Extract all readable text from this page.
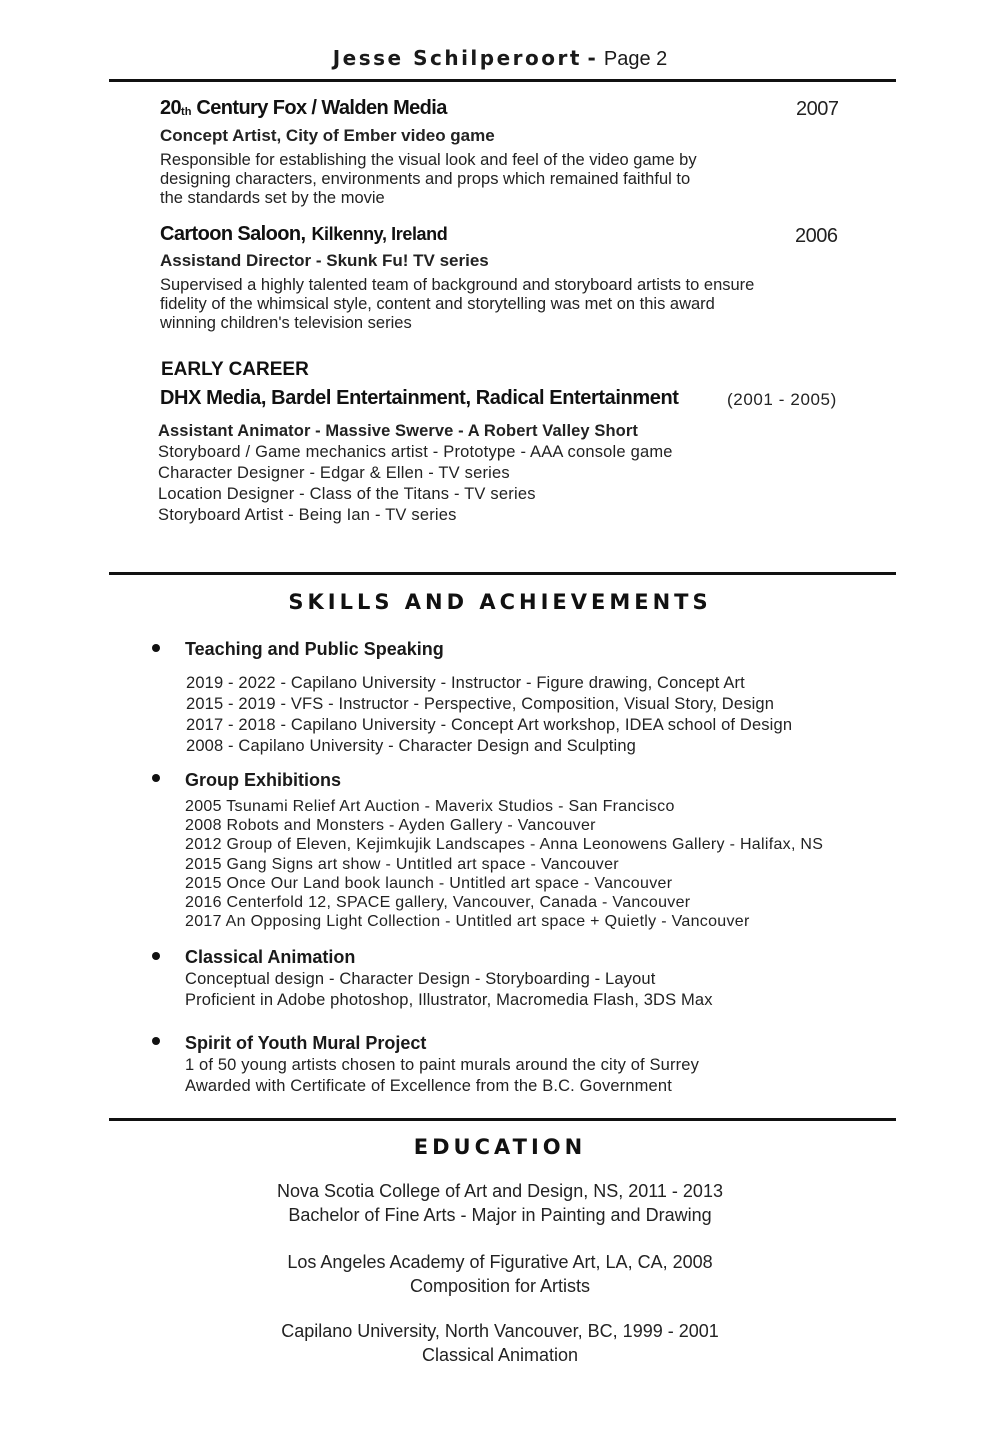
Jesse Schilperoort - Page 2
$20_{th}$ Century Fox / Walden Media	2007
Concept Artist, City of Ember video game
Responsible for establishing the visual look and feel of the video game by
designing characters, environments and props which remained faithful to
the standards set by the movie
Cartoon Saloon, Kilkenny, Ireland	2006
Assistand Director - Skunk Fu! TV series
Supervised a highly talented team of background and storyboard artists to ensure
fidelity of the whimsical style, content and storytelling was met on this award
winning children's television series
EARLY CAREER
DHX Media, Bardel Entertainment, Radical Entertainment	(2001 - 2005)
Assistant Animator - Massive Swerve - A Robert Valley Short
Storyboard / Game mechanics artist - Prototype - AAA console game
Character Designer - Edgar & Ellen - TV series
Location Designer - Class of the Titans - TV series
Storyboard Artist - Being Ian - TV series
SKILLS AND ACHIEVEMENTS
Teaching and Public Speaking
2019 - 2022 - Capilano University - Instructor - Figure drawing, Concept Art
2015 - 2019 - VFS - Instructor - Perspective, Composition, Visual Story, Design
2017 - 2018 - Capilano University - Concept Art workshop, IDEA school of Design
2008 - Capilano University - Character Design and Sculpting
Group Exhibitions
2005 Tsunami Relief Art Auction - Maverix Studios - San Francisco
2008 Robots and Monsters - Ayden Gallery - Vancouver
2012 Group of Eleven, Kejimkujik Landscapes - Anna Leonowens Gallery - Halifax, NS
2015 Gang Signs art show - Untitled art space - Vancouver
2015 Once Our Land book launch - Untitled art space - Vancouver
2016 Centerfold 12, SPACE gallery, Vancouver, Canada - Vancouver
2017 An Opposing Light Collection - Untitled art space + Quietly - Vancouver
Classical Animation
Conceptual design - Character Design - Storyboarding - Layout
Proficient in Adobe photoshop, Illustrator, Macromedia Flash, 3DS Max
Spirit of Youth Mural Project
1 of 50 young artists chosen to paint murals around the city of Surrey
Awarded with Certificate of Excellence from the B.C. Government
EDUCATION
Nova Scotia College of Art and Design, NS, 2011 - 2013
Bachelor of Fine Arts - Major in Painting and Drawing
Los Angeles Academy of Figurative Art, LA, CA, 2008
Composition for Artists
Capilano University, North Vancouver, BC, 1999 - 2001
Classical Animation
